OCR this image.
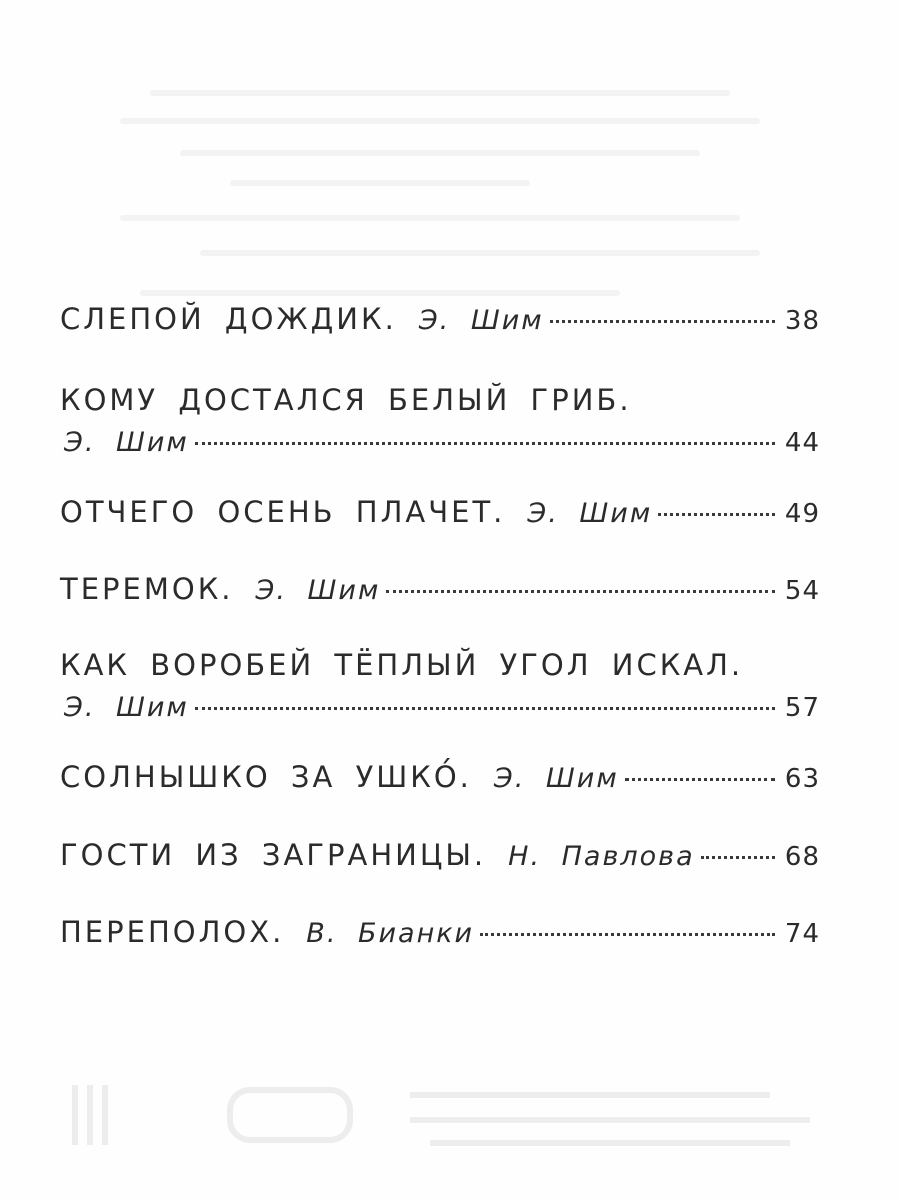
СЛЕПОЙ ДОЖДИК. Э. Шим	38
КОМУ ДОСТАЛСЯ БЕЛЫЙ ГРИБ.
Э. Шим	44
ОТЧЕГО ОСЕНЬ ПЛАЧЕТ. Э. Шим	49
ТЕРЕМОК. Э. Шим	54
КАК ВОРОБЕЙ ТЁПЛЫЙ УГОЛ ИСКАЛ.
Э. Шим	57
СОЛНЫШКО ЗА УШКО́. Э. Шим	63
ГОСТИ ИЗ ЗАГРАНИЦЫ. Н. Павлова	68
ПЕРЕПОЛОХ. В. Бианки	74
